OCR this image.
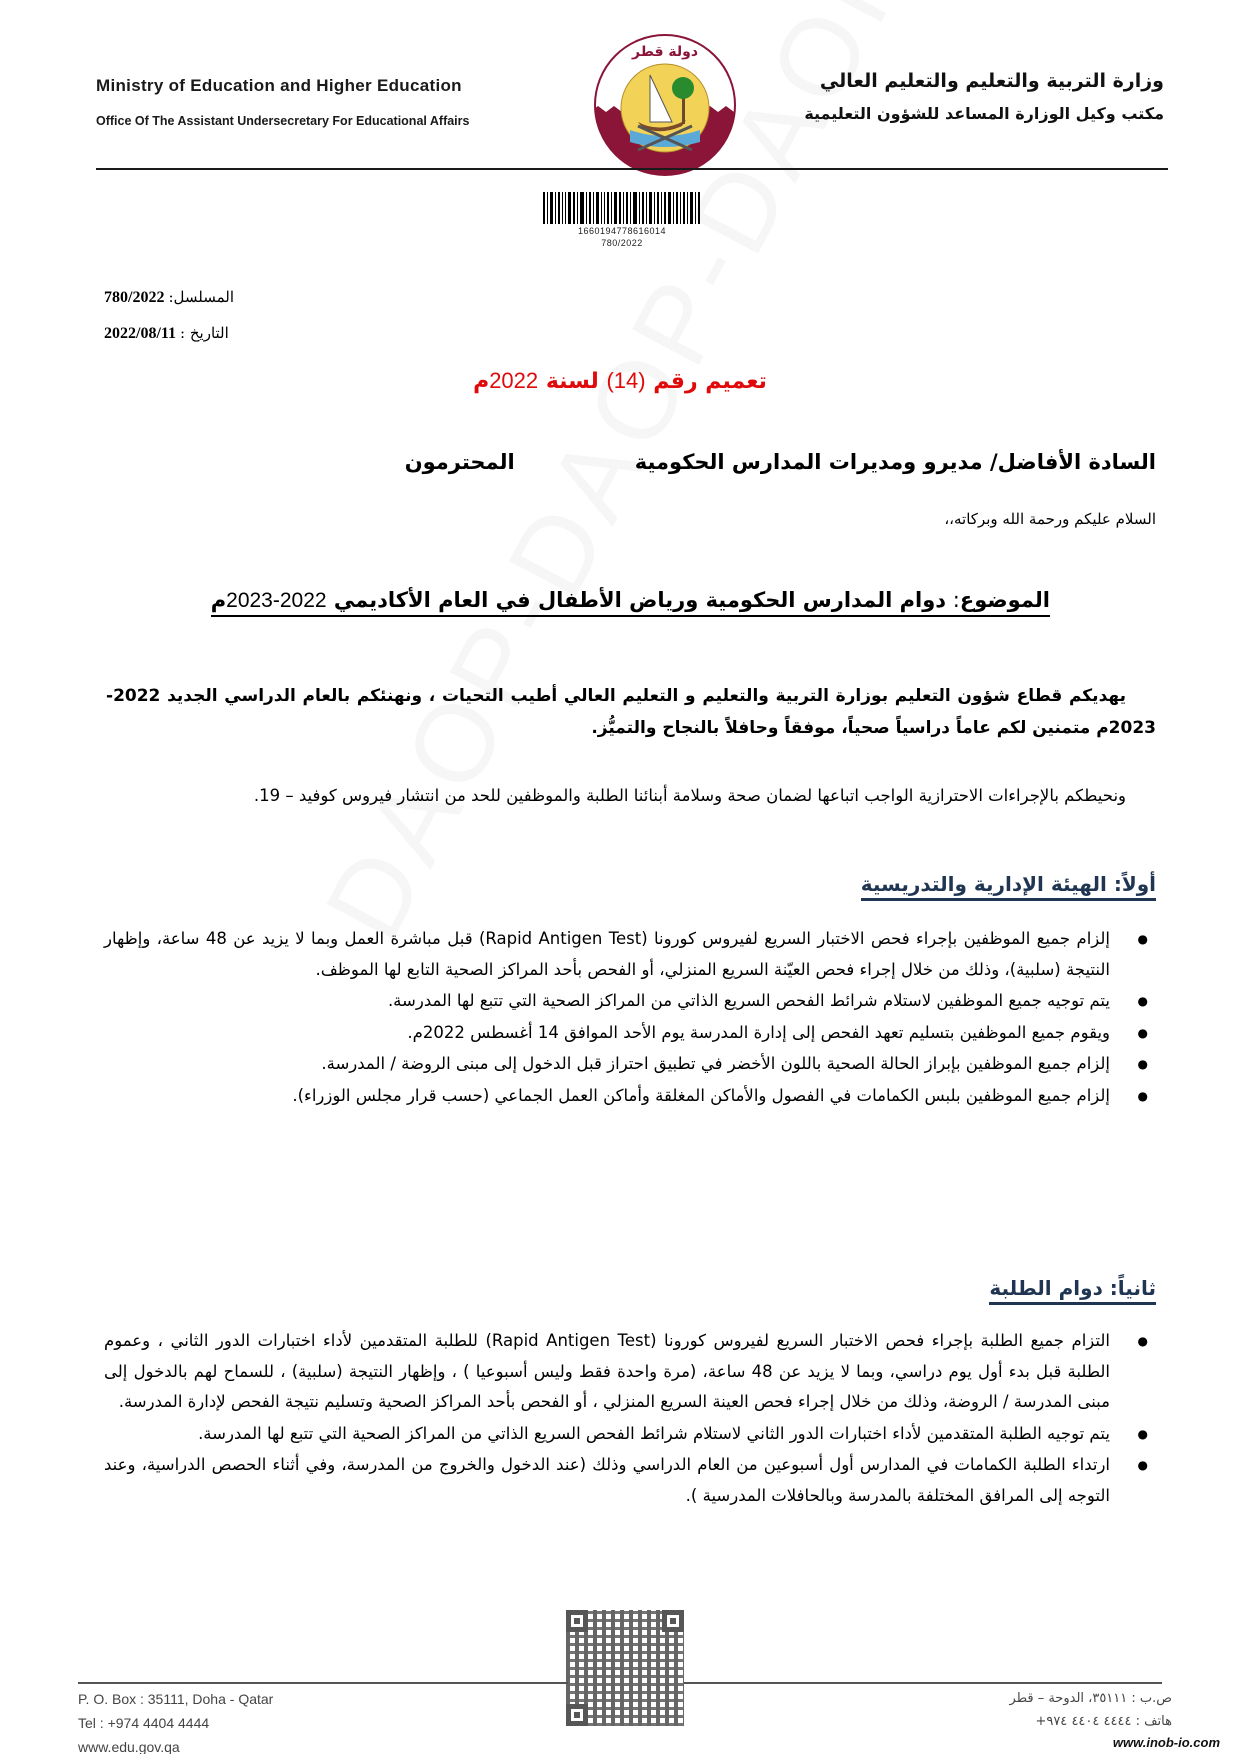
Ministry of Education and Higher Education
Office Of The Assistant Undersecretary For Educational Affairs
دولة قطر
وزارة التربية والتعليم والتعليم العالي
مكتب وكيل الوزارة المساعد للشؤون التعليمية
1660194778616014
780/2022
المسلسل:
780/2022
التاريخ :
2022/08/11
تعميم رقم (14) لسنة 2022م
السادة الأفاضل/ مديرو ومديرات المدارس الحكومية
المحترمون
السلام عليكم ورحمة الله وبركاته،،
الموضوع: دوام المدارس الحكومية ورياض الأطفال في العام الأكاديمي 2022-2023م

يهديكم قطاع شؤون التعليم بوزارة التربية والتعليم و التعليم العالي أطيب التحيات ، ونهنئكم بالعام الدراسي الجديد 2022-2023م متمنين لكم عاماً دراسياً صحياً، موفقاً وحافلاً بالنجاح والتميُّز.

ونحيطكم بالإجراءات الاحترازية الواجب اتباعها لضمان صحة وسلامة أبنائنا الطلبة والموظفين للحد من انتشار فيروس كوفيد – 19.

أولاً: الهيئة الإدارية والتدريسية
● إلزام جميع الموظفين بإجراء فحص الاختبار السريع لفيروس كورونا (Rapid Antigen Test) قبل مباشرة العمل وبما لا يزيد عن 48 ساعة، وإظهار النتيجة (سلبية)، وذلك من خلال إجراء فحص العيّنة السريع المنزلي، أو الفحص بأحد المراكز الصحية التابع لها الموظف.
● يتم توجيه جميع الموظفين لاستلام شرائط الفحص السريع الذاتي من المراكز الصحية التي تتبع لها المدرسة.
● ويقوم جميع الموظفين بتسليم تعهد الفحص إلى إدارة المدرسة يوم الأحد الموافق 14 أغسطس 2022م.
● إلزام جميع الموظفين بإبراز الحالة الصحية باللون الأخضر في تطبيق احتراز قبل الدخول إلى مبنى الروضة / المدرسة.
● إلزام جميع الموظفين بلبس الكمامات في الفصول والأماكن المغلقة وأماكن العمل الجماعي (حسب قرار مجلس الوزراء).
ثانياً: دوام الطلبة
● التزام جميع الطلبة بإجراء فحص الاختبار السريع لفيروس كورونا (Rapid Antigen Test) للطلبة المتقدمين لأداء اختبارات الدور الثاني ، وعموم الطلبة قبل بدء أول يوم دراسي، وبما لا يزيد عن 48 ساعة، (مرة واحدة فقط وليس أسبوعيا ) ، وإظهار النتيجة (سلبية) ، للسماح لهم بالدخول إلى مبنى المدرسة / الروضة، وذلك من خلال إجراء فحص العينة السريع المنزلي ، أو الفحص بأحد المراكز الصحية وتسليم نتيجة الفحص لإدارة المدرسة.
● يتم توجيه الطلبة المتقدمين لأداء اختبارات الدور الثاني لاستلام شرائط الفحص السريع الذاتي من المراكز الصحية التي تتبع لها المدرسة.
● ارتداء الطلبة الكمامات في المدارس أول أسبوعين من العام الدراسي وذلك (عند الدخول والخروج من المدرسة، وفي أثناء الحصص الدراسية، وعند التوجه إلى المرافق المختلفة بالمدرسة وبالحافلات المدرسية ).
P. O. Box : 35111, Doha - Qatar
Tel : +974 4404 4444
www.edu.gov.qa
ص.ب : ٣٥١١١، الدوحة – قطر
هاتف : ٤٤٤٤ ٤٤٠٤ ٩٧٤+
www.inob-io.com
